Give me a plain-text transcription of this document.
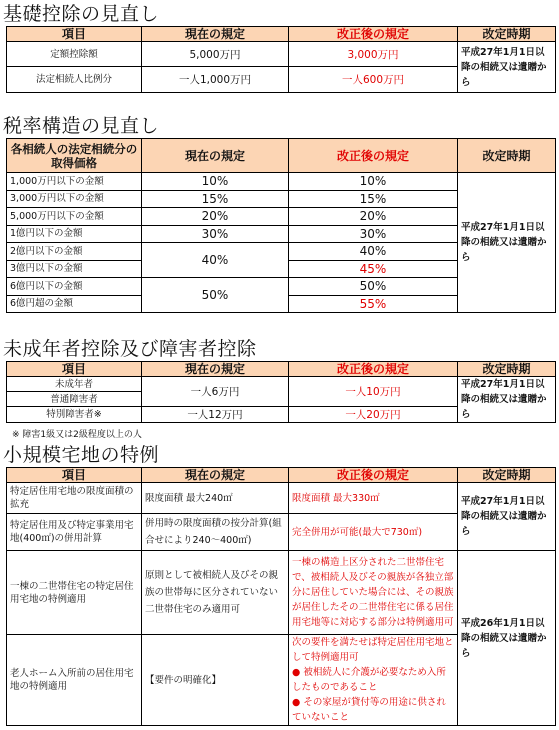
基礎控除の見直し
項目	現在の規定	改正後の規定	改定時期
定額控除額	5,000万円	3,000万円	平成27年1月1日以降の相続又は遺贈から
法定相続人比例分	一人1,000万円	一人600万円	
税率構造の見直し
各相続人の法定相続分の取得価格	現在の規定	改正後の規定	改定時期
1,000万円以下の金額	10%	10%	平成27年1月1日以降の相続又は遺贈から
3,000万円以下の金額	15%	15%	
5,000万円以下の金額	20%	20%	
1億円以下の金額	30%	30%	
2億円以下の金額	40%	40%	
3億円以下の金額		45%	
6億円以下の金額	50%	50%	
6億円超の金額		55%	
未成年者控除及び障害者控除
項目	現在の規定	改正後の規定	改定時期
未成年者	一人6万円	一人10万円	平成27年1月1日以降の相続又は遺贈から
普通障害者			
特別障害者※	一人12万円	一人20万円	
※ 障害1級又は2級程度以上の人
小規模宅地の特例
項目	現在の規定	改正後の規定	改定時期
特定居住用宅地の限度面積の拡充	限度面積 最大240㎡	限度面積 最大330㎡	平成27年1月1日以降の相続又は遺贈から
特定居住用及び特定事業用宅地(400㎡)の併用計算	併用時の限度面積の按分計算(組合せにより240～400㎡)	完全併用が可能(最大で730㎡)	
一棟の二世帯住宅の特定居住用宅地の特例適用	原則として被相続人及びその親族の世帯毎に区分されていない二世帯住宅のみ適用可	一棟の構造上区分された二世帯住宅で、被相続人及びその親族が各独立部分に居住していた場合には、その親族が居住したその二世帯住宅に係る居住用宅地等に対応する部分は特例適用可	平成26年1月1日以降の相続又は遺贈から
老人ホーム入所前の居住用宅地の特例適用	【要件の明確化】	次の要件を満たせば特定居住用宅地として特例適用可
● 被相続人に介護が必要なため入所したものであること
● その家屋が貸付等の用途に供されていないこと	
